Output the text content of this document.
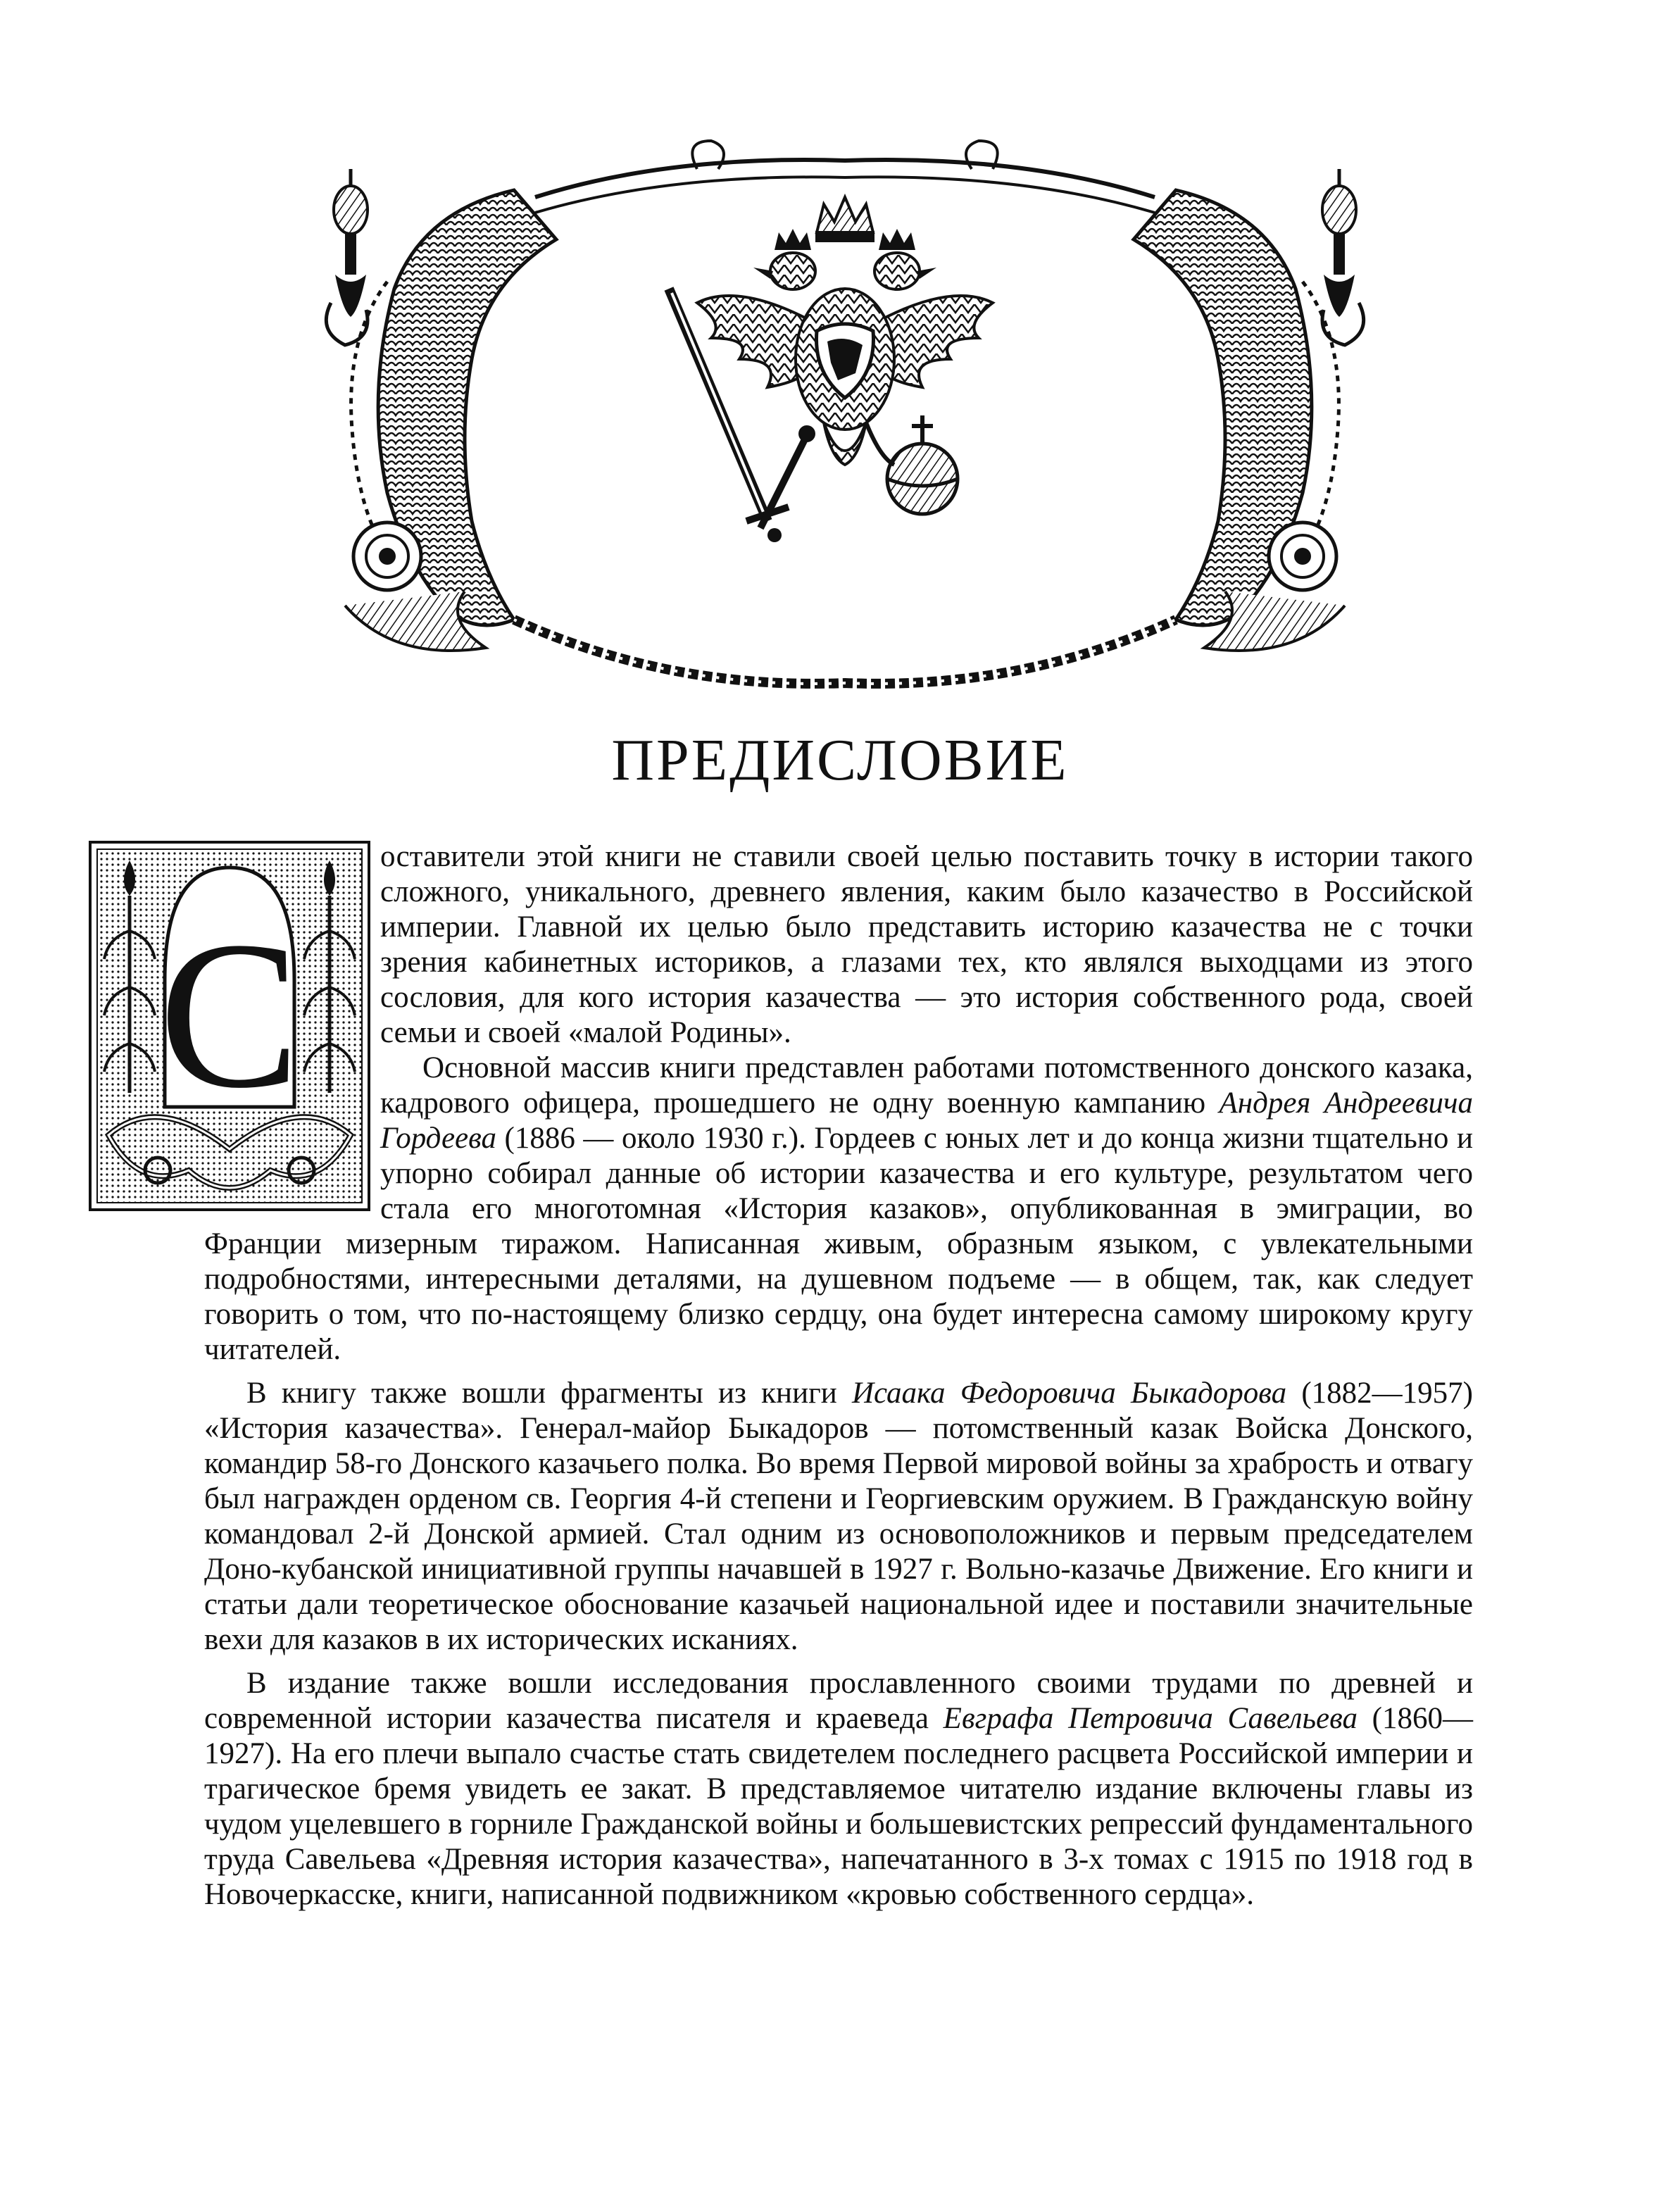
ПРЕДИСЛОВИЕ
С

оставители этой книги не ставили своей целью поставить точку в истории такого сложного, уникального, древнего явления, каким было казачество в Российской империи. Главной их целью было представить историю казачества не с точки зрения кабинетных историков, а глазами тех, кто являлся выходцами из этого сословия, для кого история казачества — это история собственного рода, своей семьи и своей «малой Родины».

Основной массив книги представлен работами потомственного донского казака, кадрового офицера, прошедшего не одну военную кампанию Андрея Андреевича Гордеева (1886 — около 1930 г.). Гордеев с юных лет и до конца жизни тщательно и упорно собирал данные об истории казачества и его культуре, результатом чего стала его многотомная «История казаков», опубликованная в эмиграции, во Франции мизерным тиражом. Написанная живым, образным языком, с увлекательными подробностями, интересными деталями, на душевном подъеме — в общем, так, как следует говорить о том, что по-настоящему близко сердцу, она будет интересна самому широкому кругу читателей.

В книгу также вошли фрагменты из книги Исаака Федоровича Быкадорова (1882—1957) «История казачества». Генерал-майор Быкадоров — потомственный казак Войска Донского, командир 58-го Донского казачьего полка. Во время Первой мировой войны за храбрость и отвагу был награжден орденом св. Георгия 4-й степени и Георгиевским оружием. В Гражданскую войну командовал 2-й Донской армией. Стал одним из основоположников и первым председателем Доно-кубанской инициативной группы начавшей в 1927 г. Вольно-казачье Движение. Его книги и статьи дали теоретическое обоснование казачьей национальной идее и поставили значительные вехи для казаков в их исторических исканиях.

В издание также вошли исследования прославленного своими трудами по древней и современной истории казачества писателя и краеведа Евграфа Петровича Савельева (1860—1927). На его плечи выпало счастье стать свидетелем последнего расцвета Российской империи и трагическое бремя увидеть ее закат. В представляемое читателю издание включены главы из чудом уцелевшего в горниле Гражданской войны и большевистских репрессий фундаментального труда Савельева «Древняя история казачества», напечатанного в 3-х томах с 1915 по 1918 год в Новочеркасске, книги, написанной подвижником «кровью собственного сердца».
